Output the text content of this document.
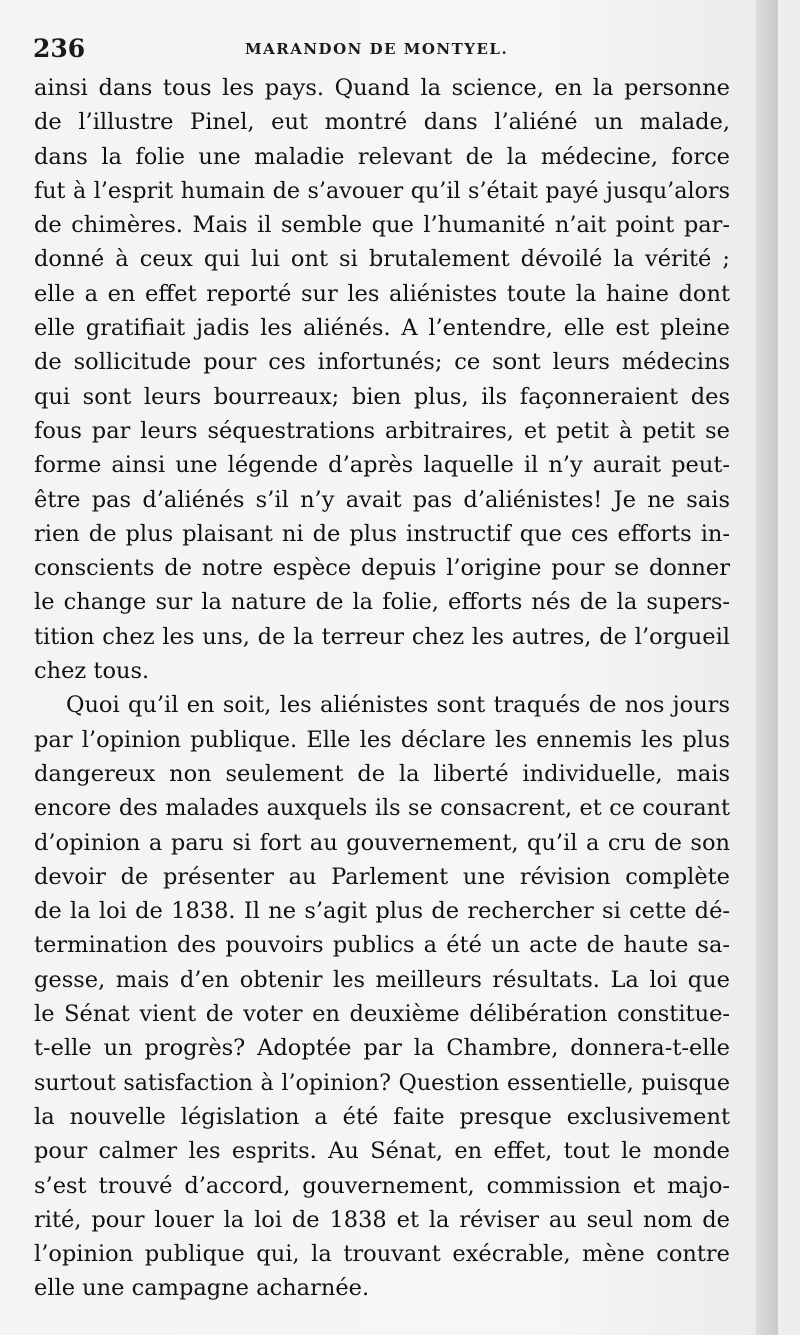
236	MARANDON DE MONTYEL.

ainsi dans tous les pays. Quand la science, en la personne
de l’illustre Pinel, eut montré dans l’aliéné un malade,
dans la folie une maladie relevant de la médecine, force
fut à l’esprit humain de s’avouer qu’il s’était payé jusqu’alors
de chimères. Mais il semble que l’humanité n’ait point par-
donné à ceux qui lui ont si brutalement dévoilé la vérité ;
elle a en effet reporté sur les aliénistes toute la haine dont
elle gratifiait jadis les aliénés. A l’entendre, elle est pleine
de sollicitude pour ces infortunés; ce sont leurs médecins
qui sont leurs bourreaux; bien plus, ils façonneraient des
fous par leurs séquestrations arbitraires, et petit à petit se
forme ainsi une légende d’après laquelle il n’y aurait peut-
être pas d’aliénés s’il n’y avait pas d’aliénistes! Je ne sais
rien de plus plaisant ni de plus instructif que ces efforts in-
conscients de notre espèce depuis l’origine pour se donner
le change sur la nature de la folie, efforts nés de la supers-
tition chez les uns, de la terreur chez les autres, de l’orgueil
chez tous.

Quoi qu’il en soit, les aliénistes sont traqués de nos jours
par l’opinion publique. Elle les déclare les ennemis les plus
dangereux non seulement de la liberté individuelle, mais
encore des malades auxquels ils se consacrent, et ce courant
d’opinion a paru si fort au gouvernement, qu’il a cru de son
devoir de présenter au Parlement une révision complète
de la loi de 1838. Il ne s’agit plus de rechercher si cette dé-
termination des pouvoirs publics a été un acte de haute sa-
gesse, mais d’en obtenir les meilleurs résultats. La loi que
le Sénat vient de voter en deuxième délibération constitue-
t-elle un progrès? Adoptée par la Chambre, donnera-t-elle
surtout satisfaction à l’opinion? Question essentielle, puisque
la nouvelle législation a été faite presque exclusivement
pour calmer les esprits. Au Sénat, en effet, tout le monde
s’est trouvé d’accord, gouvernement, commission et majo-
rité, pour louer la loi de 1838 et la réviser au seul nom de
l’opinion publique qui, la trouvant exécrable, mène contre
elle une campagne acharnée.
